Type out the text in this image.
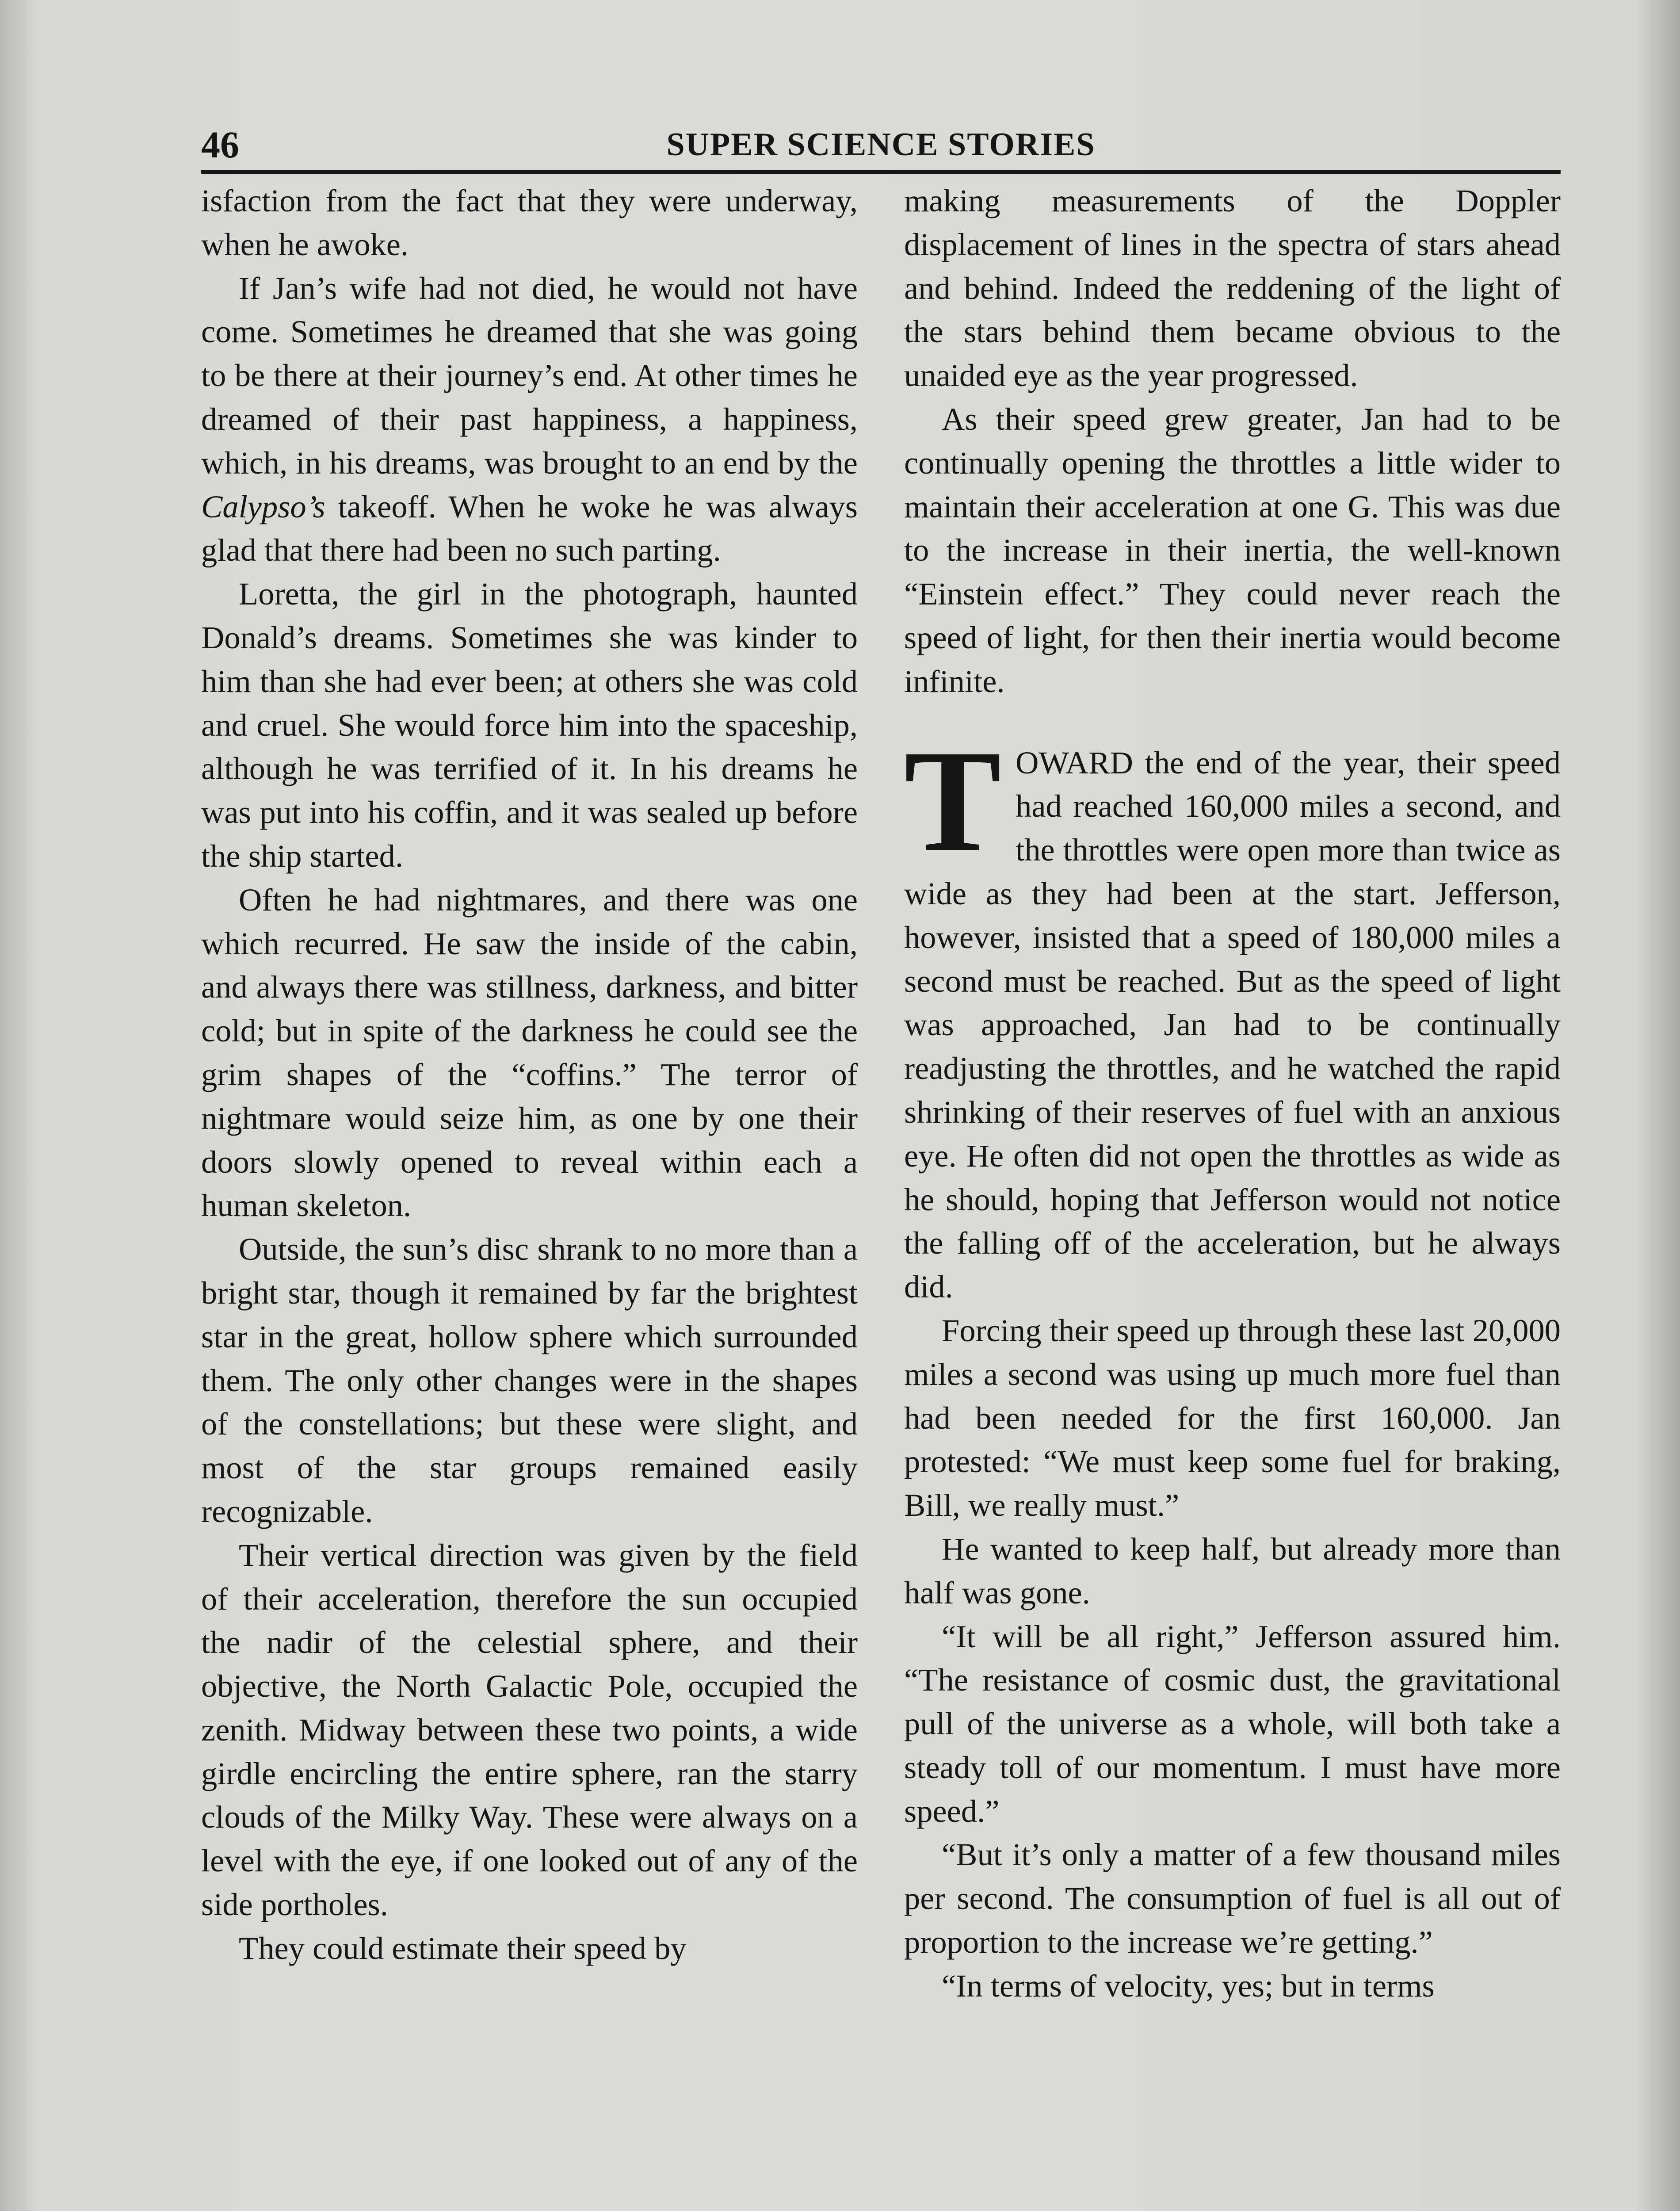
46	SUPER SCIENCE STORIES

isfaction from the fact that they were underway, when he awoke.

If Jan’s wife had not died, he would not have come. Sometimes he dreamed that she was going to be there at their journey’s end. At other times he dreamed of their past happiness, a happiness, which, in his dreams, was brought to an end by the Calypso’s takeoff. When he woke he was always glad that there had been no such parting.

Loretta, the girl in the photograph, haunted Donald’s dreams. Sometimes she was kinder to him than she had ever been; at others she was cold and cruel. She would force him into the spaceship, although he was terrified of it. In his dreams he was put into his coffin, and it was sealed up before the ship started.

Often he had nightmares, and there was one which recurred. He saw the inside of the cabin, and always there was stillness, darkness, and bitter cold; but in spite of the darkness he could see the grim shapes of the “coffins.” The terror of nightmare would seize him, as one by one their doors slowly opened to reveal within each a human skeleton.

Outside, the sun’s disc shrank to no more than a bright star, though it remained by far the brightest star in the great, hollow sphere which surrounded them. The only other changes were in the shapes of the constellations; but these were slight, and most of the star groups remained easily recognizable.

Their vertical direction was given by the field of their acceleration, therefore the sun occupied the nadir of the celestial sphere, and their objective, the North Galactic Pole, occupied the zenith. Midway between these two points, a wide girdle encircling the entire sphere, ran the starry clouds of the Milky Way. These were always on a level with the eye, if one looked out of any of the side portholes.

They could estimate their speed by

making measurements of the Doppler displacement of lines in the spectra of stars ahead and behind. Indeed the reddening of the light of the stars behind them became obvious to the unaided eye as the year progressed.

As their speed grew greater, Jan had to be continually opening the throttles a little wider to maintain their acceleration at one G. This was due to the increase in their inertia, the well-known “Einstein effect.” They could never reach the speed of light, for then their inertia would become infinite.

TOWARD the end of the year, their speed had reached 160,000 miles a second, and the throttles were open more than twice as wide as they had been at the start. Jefferson, however, insisted that a speed of 180,000 miles a second must be reached. But as the speed of light was approached, Jan had to be continually readjusting the throttles, and he watched the rapid shrinking of their reserves of fuel with an anxious eye. He often did not open the throttles as wide as he should, hoping that Jefferson would not notice the falling off of the acceleration, but he always did.

Forcing their speed up through these last 20,000 miles a second was using up much more fuel than had been needed for the first 160,000. Jan protested: “We must keep some fuel for braking, Bill, we really must.”

He wanted to keep half, but already more than half was gone.

“It will be all right,” Jefferson assured him. “The resistance of cosmic dust, the gravitational pull of the universe as a whole, will both take a steady toll of our momentum. I must have more speed.”

“But it’s only a matter of a few thousand miles per second. The consumption of fuel is all out of proportion to the increase we’re getting.”

“In terms of velocity, yes; but in terms
